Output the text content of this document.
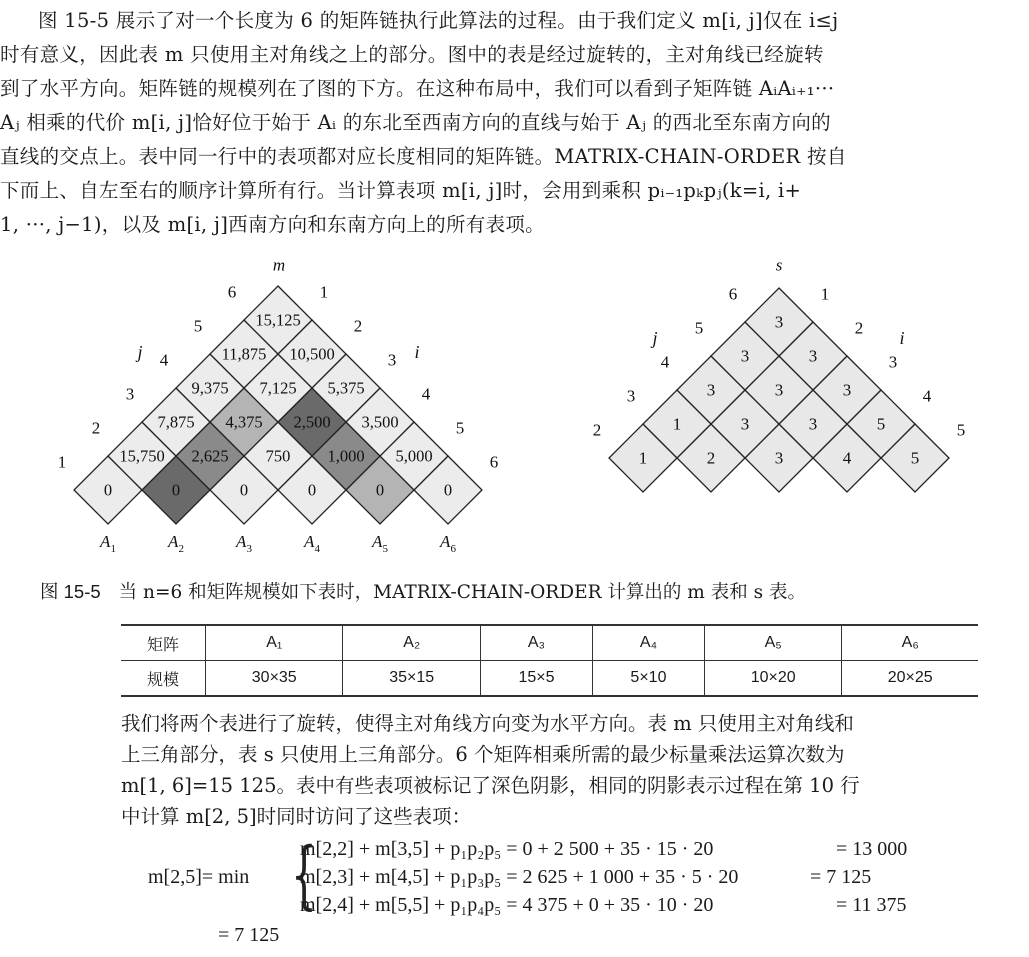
图 15-5 展示了对一个长度为 6 的矩阵链执行此算法的过程。由于我们定义 m[i, j]仅在 i≤j

时有意义，因此表 m 只使用主对角线之上的部分。图中的表是经过旋转的，主对角线已经旋转

到了水平方向。矩阵链的规模列在了图的下方。在这种布局中，我们可以看到子矩阵链 AᵢAᵢ₊₁···

Aⱼ 相乘的代价 m[i, j]恰好位于始于 Aᵢ 的东北至西南方向的直线与始于 Aⱼ 的西北至东南方向的

直线的交点上。表中同一行中的表项都对应长度相同的矩阵链。MATRIX-CHAIN-ORDER 按自

下而上、自左至右的顺序计算所有行。当计算表项 m[i, j]时，会用到乘积 pᵢ₋₁pₖpⱼ(k=i, i+

1, ···, j−1)，以及 m[i, j]西南方向和东南方向上的所有表项。

0	0	0	0	0	0
15,750 2,625 750 1,000 5,000
7,875 4,375 2,500 3,500
9,375 7,125 5,375
11,875 10,500
15,125
m
j	i
1
2
3
4
5
6	1
2
3
4
5
6
$A_1$	$A_2$	$A_3$	$A_4$	$A_5$	$A_6$
1	2	3	4	5
1	3	3	5
3	3	3
3	3
3
s
j	i
2
3
4
5
6	1
2
3
4
5
图 15-5 当 n=6 和矩阵规模如下表时，MATRIX-CHAIN-ORDER 计算出的 m 表和 s 表。
矩阵	A₁	A₂	A₃	A₄	A₅	A₆
规模	30×35	35×15	15×5	5×10	10×20	20×25

我们将两个表进行了旋转，使得主对角线方向变为水平方向。表 m 只使用主对角线和

上三角部分，表 s 只使用上三角部分。6 个矩阵相乘所需的最少标量乘法运算次数为

m[1, 6]=15 125。表中有些表项被标记了深色阴影，相同的阴影表示过程在第 10 行

中计算 m[2, 5]时同时访问了这些表项：

m[2,5]= min {
m[2,2] + m[3,5] + p₁p₂p₅ = 0 + 2 500 + 35 · 15 · 20	= 13 000
m[2,3] + m[4,5] + p₁p₃p₅ = 2 625 + 1 000 + 35 · 5 · 20	= 7 125
m[2,4] + m[5,5] + p₁p₄p₅ = 4 375 + 0 + 35 · 10 · 20	= 11 375
= 7 125
